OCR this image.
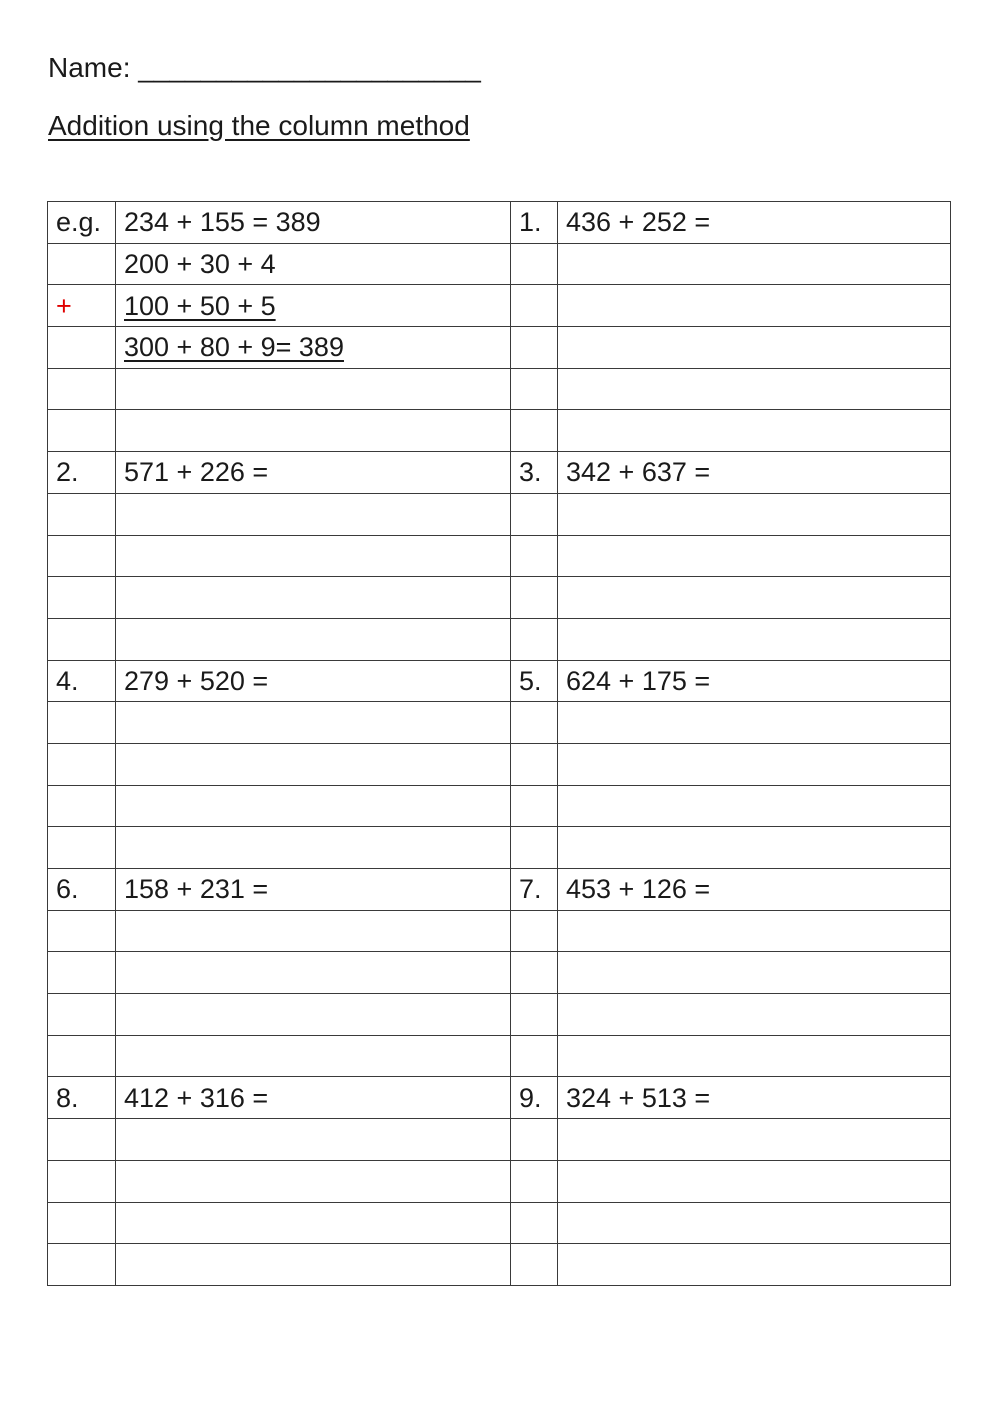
Name: ______________________
Addition using the column method
e.g.	234 + 155 = 389	1.	436 + 252 =
	200 + 30 + 4		
+	100 + 50 + 5		
	300 + 80 + 9= 389		

2.	571 + 226 =	3.	342 + 637 =

4.	279 + 520 =	5.	624 + 175 =

6.	158 + 231 =	7.	453 + 126 =

8.	412 + 316 =	9.	324 + 513 =
